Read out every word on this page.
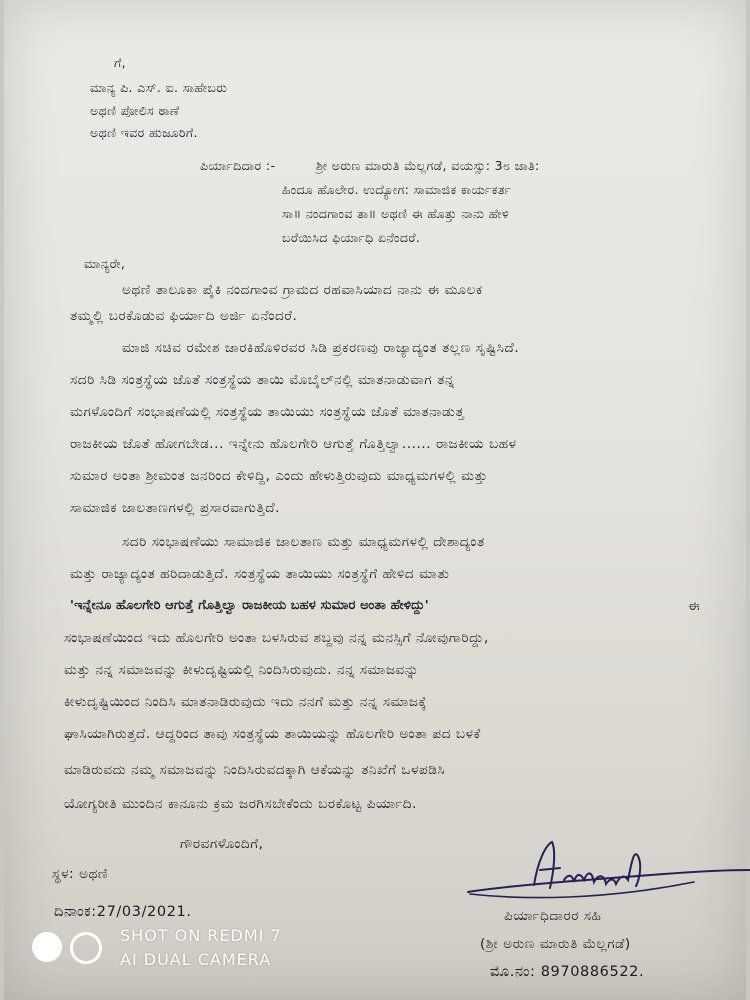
ಗೆ,
ಮಾನ್ಯ ಪಿ. ಎಸ್. ಐ. ಸಾಹೇಬರು
ಅಥಣಿ ಪೋಲಿಸ ಠಾಣೆ
ಅಥಣಿ ಇವರ ಹುಜೂರಿಗೆ.
ಪಿರ್ಯಾದಿದಾರ :-	ಶ್ರೀ ಅರುಣ ಮಾರುತಿ ಮೆಲ್ಲಗಡೆ, ವಯಸ್ಸು: 3೮ ಜಾತಿ:
ಹಿಂದೂ ಹೊಲೇರ. ಉದ್ಯೋಗ: ಸಾಮಾಜಿಕ ಕಾರ್ಯಕರ್ತ
ಸಾ॥ ನಂದಗಾಂವ ತಾ॥ ಅಥಣಿ ಈ ಹೊತ್ತು ನಾನು ಹೇಳಿ
ಬರೆಯಿಸಿದ ಫಿರ್ಯಾಧಿ ಏನೆಂದರೆ.
ಮಾನ್ಯರೇ,
ಅಥಣಿ ತಾಲೂಕಾ ಪೈಕಿ ನಂದಗಾಂವ ಗ್ರಾಮದ ರಹವಾಸಿಯಾದ ನಾನು ಈ ಮೂಲಕ
ತಮ್ಮಲ್ಲಿ ಬರಕೊಡುವ ಫಿರ್ಯಾದಿ ಅರ್ಜಿ ಏನೆಂದರೆ.
ಮಾಜಿ ಸಚಿವ ರಮೇಶ ಜಾರಕಿಹೊಳಿರವರ ಸಿಡಿ ಪ್ರಕರಣವು ರಾಜ್ಯಾದ್ಯಂತ ತಲ್ಲಣ ಸೃಷ್ಟಿಸಿದೆ.
ಸದರಿ ಸಿಡಿ ಸಂತ್ರಸ್ಥೆಯ ಜೊತೆ ಸಂತ್ರಸ್ಥೆಯ ತಾಯಿ ಮೊಬೈಲ್‌ನಲ್ಲಿ ಮಾತನಾಡುವಾಗ ತನ್ನ
ಮಗಳೊಂದಿಗೆ ಸಂಭಾಷಣೆಯಲ್ಲಿ ಸಂತ್ರಸ್ಥೆಯ ತಾಯಿಯು ಸಂತ್ರಸ್ಥೆಯ ಜೊತೆ ಮಾತನಾಡುತ್ತ
ರಾಜಕೀಯ ಜೊತೆ ಹೋಗಬೇಡ... ಇನ್ನೇನು ಹೊಲಗೇರಿ ಆಗುತ್ತೆ ಗೊತ್ತಿಲ್ವಾ...... ರಾಜಕೀಯ ಬಹಳ
ಸುಮಾರ ಅಂತಾ ಶ್ರೀಮಂತ ಜನರಿಂದ ಕೇಳಿದ್ದಿ, ಎಂದು ಹೇಳುತ್ತಿರುವುದು ಮಾಧ್ಯಮಗಳಲ್ಲಿ ಮತ್ತು
ಸಾಮಾಜಿಕ ಜಾಲತಾಣಗಳಲ್ಲಿ ಪ್ರಸಾರವಾಗುತ್ತಿದೆ.
ಸದರಿ ಸಂಭಾಷಣೆಯು ಸಾಮಾಜಿಕ ಜಾಲತಾಣ ಮತ್ತು ಮಾಧ್ಯಮಗಳಲ್ಲಿ ದೇಶಾದ್ಯಂತ
ಮತ್ತು ರಾಜ್ಯಾದ್ಯಂತ ಹರಿದಾಡುತ್ತಿದೆ. ಸಂತ್ರಸ್ಥೆಯ ತಾಯಿಯು ಸಂತ್ರಸ್ಥೆಗೆ ಹೇಳಿದ ಮಾತು
'ಇನ್ನೇನೂ ಹೊಲಗೇರಿ ಆಗುತ್ತೆ ಗೊತ್ತಿಲ್ವಾ ರಾಜಕೀಯ ಬಹಳ ಸುಮಾರ ಅಂತಾ ಹೇಳಿದ್ದು'	ಈ
ಸಂಭಾಷಣೆಯಿಂದ ಇದು ಹೊಲಗೇರಿ ಅಂತಾ ಬಳಸಿರುವ ಶಬ್ದವು ನನ್ನ ಮನಸ್ಸಿಗೆ ನೋವುಗಾರಿದ್ದು,
ಮತ್ತು ನನ್ನ ಸಮಾಜವನ್ನು ಕೀಳುದೃಷ್ಟಿಯಲ್ಲಿ ನಿಂದಿಸಿರುವುದು. ನನ್ನ ಸಮಾಜವನ್ನು
ಕೀಳುದೃಷ್ಟಿಯಿಂದ ನಿಂದಿಸಿ ಮಾತನಾಡಿರುವುದು ಇದು ನನಗೆ ಮತ್ತು ನನ್ನ ಸಮಾಜಕ್ಕೆ
ಘಾಸಿಯಾಗಿರುತ್ತದೆ. ಆದ್ದರಿಂದ ತಾವು ಸಂತ್ರಸ್ಥೆಯ ತಾಯಿಯನ್ನು ಹೊಲಗೇರಿ ಅಂತಾ ಪದ ಬಳಕೆ
ಮಾಡಿರುವದು ನಮ್ಮ ಸಮಾಜವನ್ನು ನಿಂದಿಸಿರುವದಕ್ಕಾಗಿ ಆಕೆಯನ್ನು ತನಿಖೆಗೆ ಒಳಪಡಿಸಿ
ಯೋಗ್ಯರೀತಿ ಮುಂದಿನ ಕಾನೂನು ಕ್ರಮ ಜರಗಿಸಬೇಕೆಂದು ಬರಕೊಟ್ಟ ಪಿರ್ಯಾದಿ.
ಗೌರವಗಳೊಂದಿಗೆ,
ಸ್ಥಳ: ಅಥಣಿ
ದಿನಾಂಕ:27/03/2021.	ಪಿರ್ಯಾಧಿದಾರರ ಸಹಿ
(ಶ್ರೀ ಅರುಣ ಮಾರುತಿ ಮೆಲ್ಲಗಡೆ)
ಮೊ.ನಂ: 8970886522.
SHOT ON REDMI 7
AI DUAL CAMERA
